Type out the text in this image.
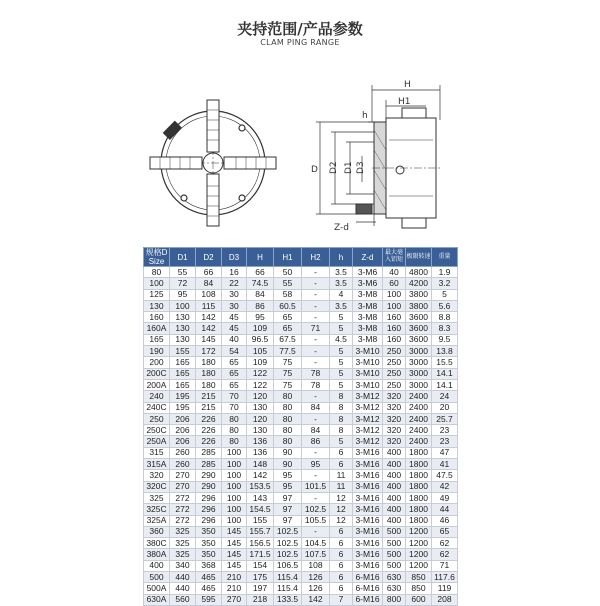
夹持范围/产品参数
CLAM PING RANGE
H
H1
h
D D2 D1 D3
Z-d
规格D
Size	D1	D2	D3	H	H1	H2	h	Z-d	最大毫
入铝矩	极限转速	重量

80	55	66	16	66	50	-	3.5	3-M6	40	4800	1.9
100	72	84	22	74.5	55	-	3.5	3-M6	60	4200	3.2
125	95	108	30	84	58	-	4	3-M8	100	3800	5
130	100	115	30	86	60.5	-	3.5	3-M8	100	3800	5.6
160	130	142	45	95	65	-	5	3-M8	160	3600	8.8
160A	130	142	45	109	65	71	5	3-M8	160	3600	8.3
165	130	145	40	96.5	67.5	-	4.5	3-M8	160	3600	9.5
190	155	172	54	105	77.5	-	5	3-M10	250	3000	13.8
200	165	180	65	109	75	-	5	3-M10	250	3000	15.5
200C	165	180	65	122	75	78	5	3-M10	250	3000	14.1
200A	165	180	65	122	75	78	5	3-M10	250	3000	14.1
240	195	215	70	120	80	-	8	3-M12	320	2400	24
240C	195	215	70	130	80	84	8	3-M12	320	2400	20
250	206	226	80	120	80	-	8	3-M12	320	2400	25.7
250C	206	226	80	130	80	84	8	3-M12	320	2400	23
250A	206	226	80	136	80	86	5	3-M12	320	2400	23
315	260	285	100	136	90	-	6	3-M16	400	1800	47
315A	260	285	100	148	90	95	6	3-M16	400	1800	41
320	270	290	100	142	95	-	11	3-M16	400	1800	47.5
320C	270	290	100	153.5	95	101.5	11	3-M16	400	1800	42
325	272	296	100	143	97	-	12	3-M16	400	1800	49
325C	272	296	100	154.5	97	102.5	12	3-M16	400	1800	44
325A	272	296	100	155	97	105.5	12	3-M16	400	1800	46
360	325	350	145	155.7	102.5	-	6	3-M16	500	1200	65
380C	325	350	145	156.5	102.5	104.5	6	3-M16	500	1200	62
380A	325	350	145	171.5	102.5	107.5	6	3-M16	500	1200	62
400	340	368	145	154	106.5	108	6	3-M16	500	1200	71
500	440	465	210	175	115.4	126	6	6-M16	630	850	117.6
500A	440	465	210	197	115.4	126	6	6-M16	630	850	119
630A	560	595	270	218	133.5	142	7	6-M16	800	600	208
